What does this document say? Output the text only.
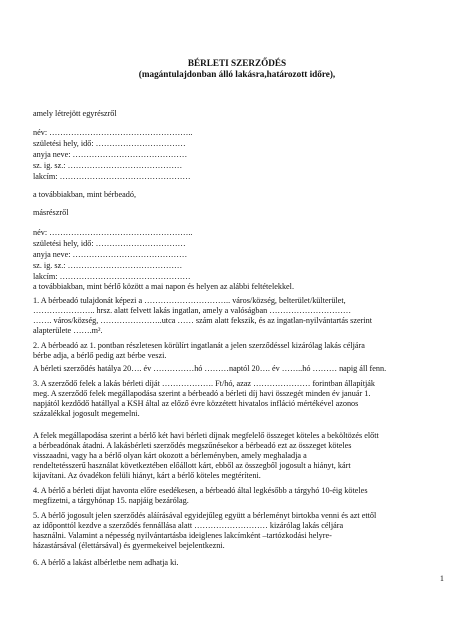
BÉRLETI SZERZŐDÉS
(magántulajdonban álló lakásra,határozott időre),
amely létrejött egyrészről
név: ……………………………………………..
születési hely, idő: ……………………………
anyja neve: ……………………………………
sz. ig. sz.: ……………………………………
lakcím: …………………………………………
a továbbiakban, mint bérbeadó,
másrészről
név: ……………………………………………..
születési hely, idő: ……………………………
anyja neve: ……………………………………
sz. ig. sz.: ……………………………………
lakcím: …………………………………………
a továbbiakban, mint bérlő között a mai napon és helyen az alábbi feltételekkel.
1. A bérbeadó tulajdonát képezi a ………………………….. város/község, belterület/külterület,
………………….. hrsz. alatt felvett lakás ingatlan, amely a valóságban …………………………
……. város/község, …………………..utca …… szám alatt fekszik, és az ingatlan-nyilvántartás szerint
alapterülete …….m².
2. A bérbeadó az 1. pontban részletesen körülírt ingatlanát a jelen szerződéssel kizárólag lakás céljára
bérbe adja, a bérlő pedig azt bérbe veszi.
A bérleti szerződés hatálya 20…. év ……………hó ………naptól 20…. év ……..hó ……… napig áll fenn.
3. A szerződő felek a lakás bérleti díját ………………. Ft/hó, azaz ………………… forintban állapítják
meg. A szerződő felek megállapodása szerint a bérbeadó a bérleti díj havi összegét minden év január 1.
napjától kezdődő hatállyal a KSH által az előző évre közzétett hivatalos infláció mértékével azonos
százalékkal jogosult megemelni.
A felek megállapodása szerint a bérlő két havi bérleti díjnak megfelelő összeget köteles a beköltözés előtt
a bérbeadónak átadni. A lakásbérleti szerződés megszűnésekor a bérbeadó ezt az összeget köteles
visszaadni, vagy ha a bérlő olyan kárt okozott a bérleményben, amely meghaladja a
rendeltetésszerű használat következtében előállott kárt, ebből az összegből jogosult a hiányt, kárt
kijavítani. Az óvadékon felüli hiányt, kárt a bérlő köteles megtéríteni.
4. A bérlő a bérleti díjat havonta előre esedékesen, a bérbeadó által legkésőbb a tárgyhó 10-éig köteles
megfizetni, a tárgyhónap 15. napjáig bezárólag.
5. A bérlő jogosult jelen szerződés aláírásával egyidejűleg együtt a bérleményt birtokba venni és azt ettől
az időponttól kezdve a szerződés fennállása alatt ……………………… kizárólag lakás céljára
használni. Valamint a népesség nyilvántartásba ideiglenes lakcímként –tartózkodási helyre-
házastársával (élettársával) és gyermekeivel bejelentkezni.
6. A bérlő a lakást albérletbe nem adhatja ki.
1
